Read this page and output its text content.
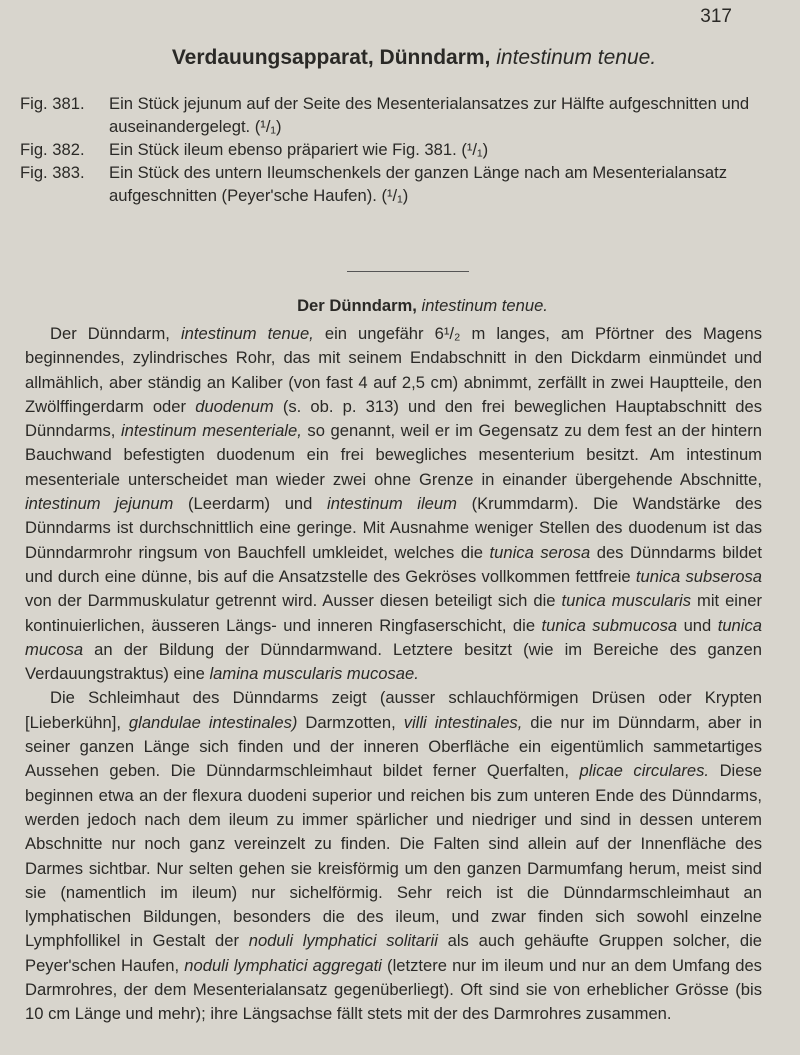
317
Verdauungsapparat, Dünndarm, intestinum tenue.
Fig. 381.	Ein Stück jejunum auf der Seite des Mesenterialansatzes zur Hälfte aufgeschnitten und auseinandergelegt. (¹/₁)
Fig. 382.	Ein Stück ileum ebenso präpariert wie Fig. 381. (¹/₁)
Fig. 383.	Ein Stück des untern Ileumschenkels der ganzen Länge nach am Mesenterialansatz aufgeschnitten (Peyer'sche Haufen). (¹/₁)
Der Dünndarm, intestinum tenue.

Der Dünndarm, intestinum tenue, ein ungefähr 6¹/₂ m langes, am Pförtner des Magens beginnendes, zylindrisches Rohr, das mit seinem Endabschnitt in den Dickdarm einmündet und allmählich, aber ständig an Kaliber (von fast 4 auf 2,5 cm) abnimmt, zerfällt in zwei Hauptteile, den Zwölffingerdarm oder duodenum (s. ob. p. 313) und den frei beweglichen Hauptabschnitt des Dünndarms, intestinum mesenteriale, so genannt, weil er im Gegensatz zu dem fest an der hintern Bauchwand befestigten duodenum ein frei bewegliches mesenterium besitzt. Am intestinum mesenteriale unterscheidet man wieder zwei ohne Grenze in einander übergehende Abschnitte, intestinum jejunum (Leerdarm) und intestinum ileum (Krummdarm). Die Wandstärke des Dünndarms ist durchschnittlich eine geringe. Mit Ausnahme weniger Stellen des duodenum ist das Dünndarmrohr ringsum von Bauchfell umkleidet, welches die tunica serosa des Dünndarms bildet und durch eine dünne, bis auf die Ansatzstelle des Gekröses vollkommen fettfreie tunica subserosa von der Darmmuskulatur getrennt wird. Ausser diesen beteiligt sich die tunica muscularis mit einer kontinuierlichen, äusseren Längs- und inneren Ringfaserschicht, die tunica submucosa und tunica mucosa an der Bildung der Dünndarmwand. Letztere besitzt (wie im Bereiche des ganzen Verdauungstraktus) eine lamina muscularis mucosae.

Die Schleimhaut des Dünndarms zeigt (ausser schlauchförmigen Drüsen oder Krypten [Lieberkühn], glandulae intestinales) Darmzotten, villi intestinales, die nur im Dünndarm, aber in seiner ganzen Länge sich finden und der inneren Oberfläche ein eigentümlich sammetartiges Aussehen geben. Die Dünndarmschleimhaut bildet ferner Querfalten, plicae circulares. Diese beginnen etwa an der flexura duodeni superior und reichen bis zum unteren Ende des Dünndarms, werden jedoch nach dem ileum zu immer spärlicher und niedriger und sind in dessen unterem Abschnitte nur noch ganz vereinzelt zu finden. Die Falten sind allein auf der Innenfläche des Darmes sichtbar. Nur selten gehen sie kreisförmig um den ganzen Darmumfang herum, meist sind sie (namentlich im ileum) nur sichelförmig. Sehr reich ist die Dünndarmschleimhaut an lymphatischen Bildungen, besonders die des ileum, und zwar finden sich sowohl einzelne Lymphfollikel in Gestalt der noduli lymphatici solitarii als auch gehäufte Gruppen solcher, die Peyer'schen Haufen, noduli lymphatici aggregati (letztere nur im ileum und nur an dem Umfang des Darmrohres, der dem Mesenterialansatz gegenüberliegt). Oft sind sie von erheblicher Grösse (bis 10 cm Länge und mehr); ihre Längsachse fällt stets mit der des Darmrohres zusammen.
